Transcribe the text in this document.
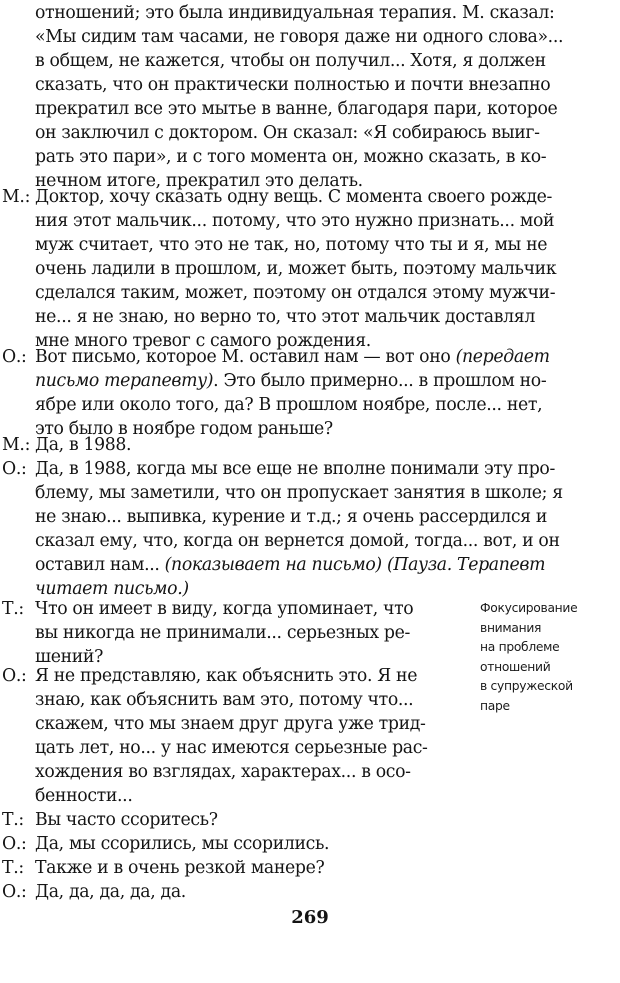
отношений; это была индивидуальная терапия. М. сказал:
«Мы сидим там часами, не говоря даже ни одного слова»...
в общем, не кажется, чтобы он получил... Хотя, я должен
сказать, что он практически полностью и почти внезапно
прекратил все это мытье в ванне, благодаря пари, которое
он заключил с доктором. Он сказал: «Я собираюсь выиг-
рать это пари», и с того момента он, можно сказать, в ко-
нечном итоге, прекратил это делать.
М.: Доктор, хочу сказать одну вещь. С момента своего рожде-
ния этот мальчик... потому, что это нужно признать... мой
муж считает, что это не так, но, потому что ты и я, мы не
очень ладили в прошлом, и, может быть, поэтому мальчик
сделался таким, может, поэтому он отдался этому мужчи-
не... я не знаю, но верно то, что этот мальчик доставлял
мне много тревог с самого рождения.
О.: Вот письмо, которое М. оставил нам — вот оно (передает
письмо терапевту). Это было примерно... в прошлом но-
ябре или около того, да? В прошлом ноябре, после... нет,
это было в ноябре годом раньше?
М.: Да, в 1988.
О.: Да, в 1988, когда мы все еще не вполне понимали эту про-
блему, мы заметили, что он пропускает занятия в школе; я
не знаю... выпивка, курение и т.д.; я очень рассердился и
сказал ему, что, когда он вернется домой, тогда... вот, и он
оставил нам... (показывает на письмо) (Пауза. Терапевт
читает письмо.)
Т.: Что он имеет в виду, когда упоминает, что
вы никогда не принимали... серьезных ре-
шений?
О.: Я не представляю, как объяснить это. Я не
знаю, как объяснить вам это, потому что...
скажем, что мы знаем друг друга уже трид-
цать лет, но... у нас имеются серьезные рас-
хождения во взглядах, характерах... в осо-
бенности...
Т.: Вы часто ссоритесь?
О.: Да, мы ссорились, мы ссорились.
Т.: Также и в очень резкой манере?
О.: Да, да, да, да, да.
Фокусирование
внимания
на проблеме
отношений
в супружеской
паре
269
